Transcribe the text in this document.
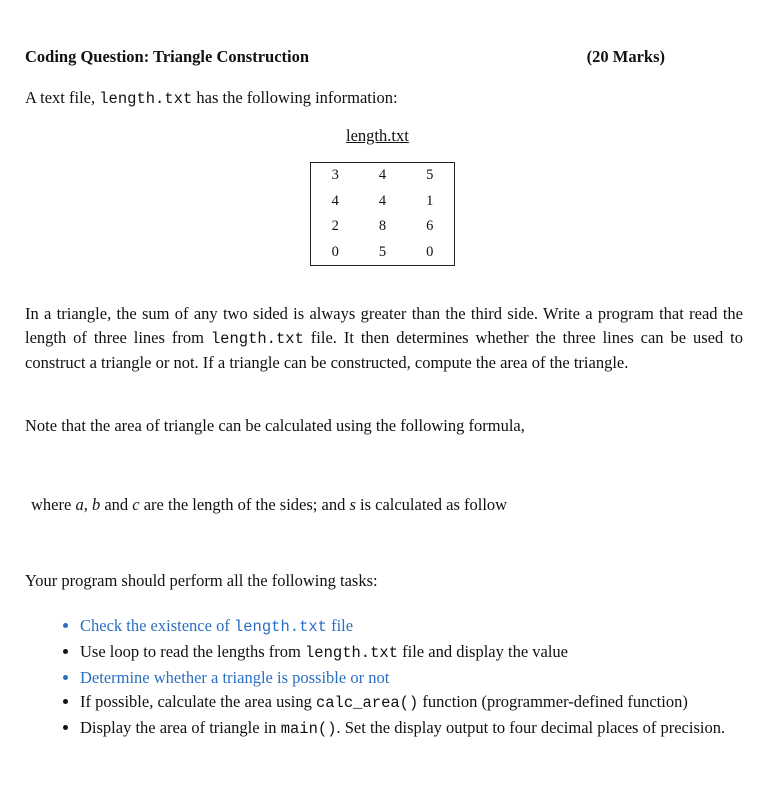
Coding Question: Triangle Construction	(20 Marks)
A text file, length.txt has the following information:
length.txt
3	4	5
4	4	1
2	8	6
0	5	0
In a triangle, the sum of any two sided is always greater than the third side. Write a program that read the length of three lines from length.txt file. It then determines whether the three lines can be used to construct a triangle or not. If a triangle can be constructed, compute the area of the triangle.
Note that the area of triangle can be calculated using the following formula,
where a, b and c are the length of the sides; and s is calculated as follow
Your program should perform all the following tasks:
• Check the existence of length.txt file
• Use loop to read the lengths from length.txt file and display the value
• Determine whether a triangle is possible or not
• If possible, calculate the area using calc_area() function (programmer-defined function)
• Display the area of triangle in main(). Set the display output to four decimal places of precision.
